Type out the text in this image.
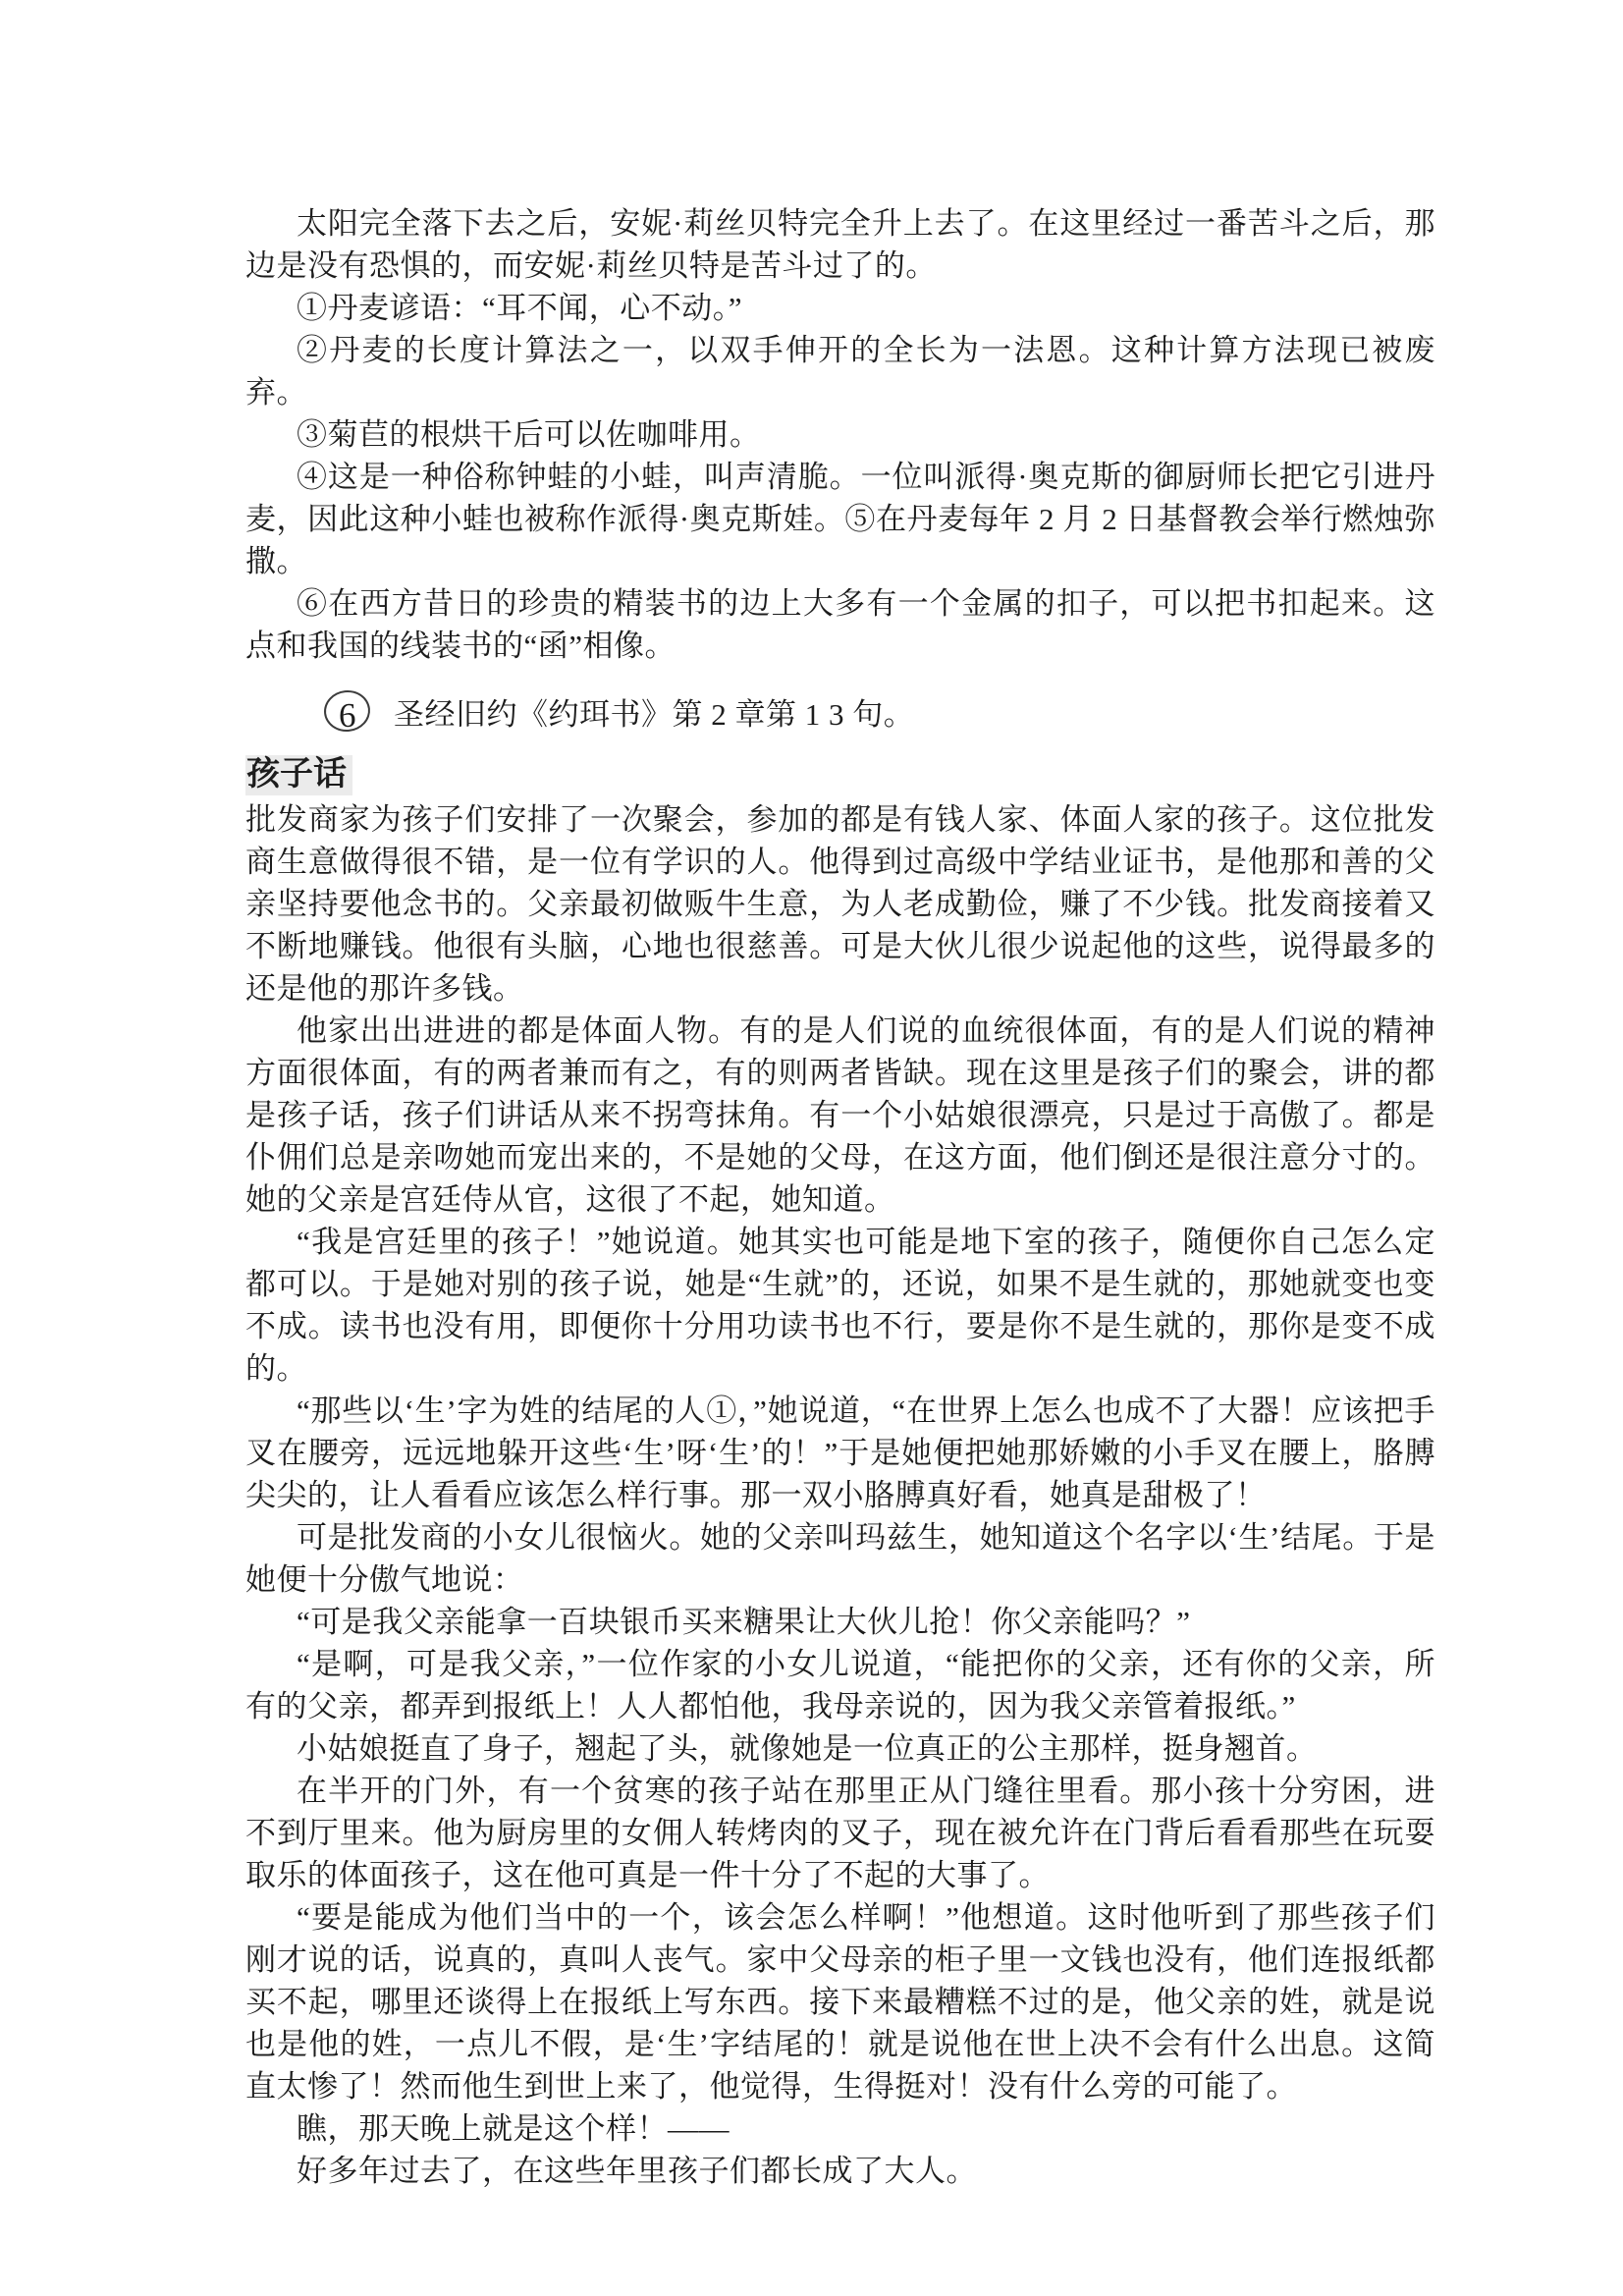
太阳完全落下去之后，安妮·莉丝贝特完全升上去了。在这里经过一番苦斗之后，那边是没有恐惧的，而安妮·莉丝贝特是苦斗过了的。

①丹麦谚语：“耳不闻，心不动。”

②丹麦的长度计算法之一，以双手伸开的全长为一法恩。这种计算方法现已被废弃。

③菊苣的根烘干后可以佐咖啡用。

④这是一种俗称钟蛙的小蛙，叫声清脆。一位叫派得·奥克斯的御厨师长把它引进丹麦，因此这种小蛙也被称作派得·奥克斯娃。⑤在丹麦每年 2 月 2 日基督教会举行燃烛弥撒。

⑥在西方昔日的珍贵的精装书的边上大多有一个金属的扣子，可以把书扣起来。这点和我国的线装书的“函”相像。

6 圣经旧约《约珥书》第 2 章第 1 3 句。
孩子话

批发商家为孩子们安排了一次聚会，参加的都是有钱人家、体面人家的孩子。这位批发商生意做得很不错，是一位有学识的人。他得到过高级中学结业证书，是他那和善的父亲坚持要他念书的。父亲最初做贩牛生意，为人老成勤俭，赚了不少钱。批发商接着又不断地赚钱。他很有头脑，心地也很慈善。可是大伙儿很少说起他的这些，说得最多的还是他的那许多钱。

他家出出进进的都是体面人物。有的是人们说的血统很体面，有的是人们说的精神方面很体面，有的两者兼而有之，有的则两者皆缺。现在这里是孩子们的聚会，讲的都是孩子话，孩子们讲话从来不拐弯抹角。有一个小姑娘很漂亮，只是过于高傲了。都是仆佣们总是亲吻她而宠出来的，不是她的父母，在这方面，他们倒还是很注意分寸的。她的父亲是宫廷侍从官，这很了不起，她知道。

“我是宫廷里的孩子！”她说道。她其实也可能是地下室的孩子，随便你自己怎么定都可以。于是她对别的孩子说，她是“生就”的，还说，如果不是生就的，那她就变也变不成。读书也没有用，即便你十分用功读书也不行，要是你不是生就的，那你是变不成的。

“那些以‘生’字为姓的结尾的人①，”她说道，“在世界上怎么也成不了大器！应该把手叉在腰旁，远远地躲开这些‘生’呀‘生’的！”于是她便把她那娇嫩的小手叉在腰上，胳膊尖尖的，让人看看应该怎么样行事。那一双小胳膊真好看，她真是甜极了！

可是批发商的小女儿很恼火。她的父亲叫玛兹生，她知道这个名字以‘生’结尾。于是她便十分傲气地说：

“可是我父亲能拿一百块银币买来糖果让大伙儿抢！你父亲能吗？”

“是啊，可是我父亲，”一位作家的小女儿说道，“能把你的父亲，还有你的父亲，所有的父亲，都弄到报纸上！人人都怕他，我母亲说的，因为我父亲管着报纸。”

小姑娘挺直了身子，翘起了头，就像她是一位真正的公主那样，挺身翘首。

在半开的门外，有一个贫寒的孩子站在那里正从门缝往里看。那小孩十分穷困，进不到厅里来。他为厨房里的女佣人转烤肉的叉子，现在被允许在门背后看看那些在玩耍取乐的体面孩子，这在他可真是一件十分了不起的大事了。

“要是能成为他们当中的一个，该会怎么样啊！”他想道。这时他听到了那些孩子们刚才说的话，说真的，真叫人丧气。家中父母亲的柜子里一文钱也没有，他们连报纸都买不起，哪里还谈得上在报纸上写东西。接下来最糟糕不过的是，他父亲的姓，就是说也是他的姓，一点儿不假，是‘生’字结尾的！就是说他在世上决不会有什么出息。这简直太惨了！然而他生到世上来了，他觉得，生得挺对！没有什么旁的可能了。

瞧，那天晚上就是这个样！——

好多年过去了，在这些年里孩子们都长成了大人。
